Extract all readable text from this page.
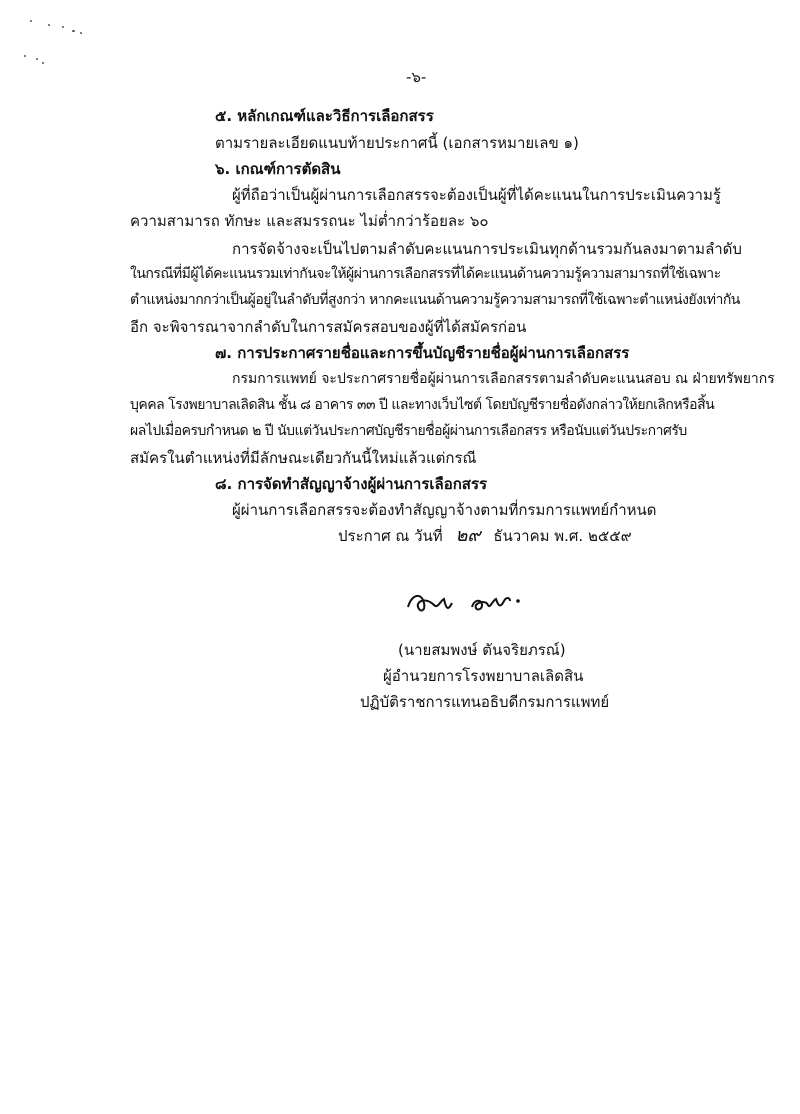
-๖-
๕. หลักเกณฑ์และวิธีการเลือกสรร
ตามรายละเอียดแนบท้ายประกาศนี้ (เอกสารหมายเลข ๑)
๖. เกณฑ์การตัดสิน
ผู้ที่ถือว่าเป็นผู้ผ่านการเลือกสรรจะต้องเป็นผู้ที่ได้คะแนนในการประเมินความรู้
ความสามารถ ทักษะ และสมรรถนะ ไม่ต่ำกว่าร้อยละ ๖๐
การจัดจ้างจะเป็นไปตามลำดับคะแนนการประเมินทุกด้านรวมกันลงมาตามลำดับ
ในกรณีที่มีผู้ได้คะแนนรวมเท่ากันจะให้ผู้ผ่านการเลือกสรรที่ได้คะแนนด้านความรู้ความสามารถที่ใช้เฉพาะ
ตำแหน่งมากกว่าเป็นผู้อยู่ในลำดับที่สูงกว่า หากคะแนนด้านความรู้ความสามารถที่ใช้เฉพาะตำแหน่งยังเท่ากัน
อีก จะพิจารณาจากลำดับในการสมัครสอบของผู้ที่ได้สมัครก่อน
๗. การประกาศรายชื่อและการขึ้นบัญชีรายชื่อผู้ผ่านการเลือกสรร
กรมการแพทย์ จะประกาศรายชื่อผู้ผ่านการเลือกสรรตามลำดับคะแนนสอบ ณ ฝ่ายทรัพยากร
บุคคล โรงพยาบาลเลิดสิน ชั้น ๘ อาคาร ๓๓ ปี และทางเว็บไซต์ โดยบัญชีรายชื่อดังกล่าวให้ยกเลิกหรือสิ้น
ผลไปเมื่อครบกำหนด ๒ ปี นับแต่วันประกาศบัญชีรายชื่อผู้ผ่านการเลือกสรร หรือนับแต่วันประกาศรับ
สมัครในตำแหน่งที่มีลักษณะเดียวกันนี้ใหม่แล้วแต่กรณี
๘. การจัดทำสัญญาจ้างผู้ผ่านการเลือกสรร
ผู้ผ่านการเลือกสรรจะต้องทำสัญญาจ้างตามที่กรมการแพทย์กำหนด
ประกาศ ณ วันที่ ๒๙ ธันวาคม พ.ศ. ๒๕๕๙
(นายสมพงษ์ ตันจริยภรณ์)
ผู้อำนวยการโรงพยาบาลเลิดสิน
ปฏิบัติราชการแทนอธิบดีกรมการแพทย์
